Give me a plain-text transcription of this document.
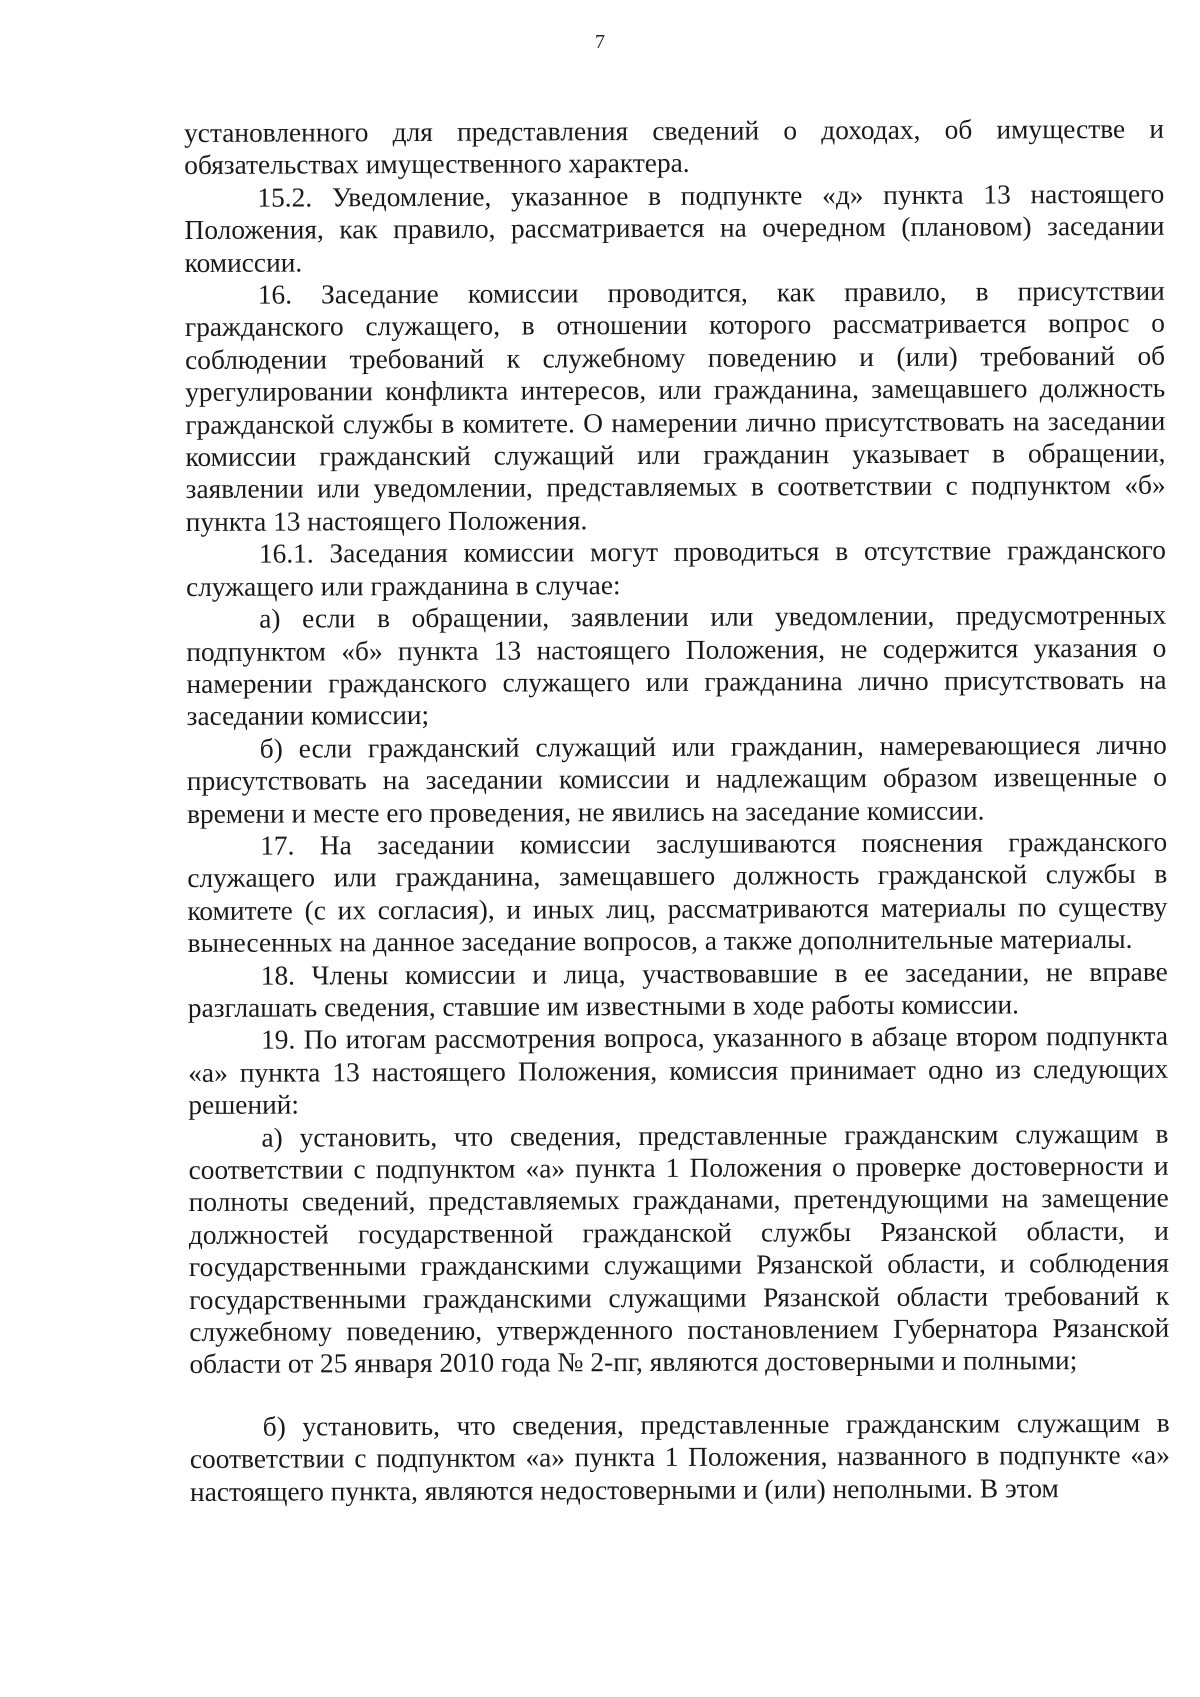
7

установленного для представления сведений о доходах, об имуществе и обязательствах имущественного характера.

15.2. Уведомление, указанное в подпункте «д» пункта 13 настоящего Положения, как правило, рассматривается на очередном (плановом) заседании комиссии.

16. Заседание комиссии проводится, как правило, в присутствии гражданского служащего, в отношении которого рассматривается вопрос о соблюдении требований к служебному поведению и (или) требований об урегулировании конфликта интересов, или гражданина, замещавшего должность гражданской службы в комитете. О намерении лично присутствовать на заседании комиссии гражданский служащий или гражданин указывает в обращении, заявлении или уведомлении, представляемых в соответствии с подпунктом «б» пункта 13 настоящего Положения.

16.1. Заседания комиссии могут проводиться в отсутствие гражданского служащего или гражданина в случае:

а) если в обращении, заявлении или уведомлении, предусмотренных подпунктом «б» пункта 13 настоящего Положения, не содержится указания о намерении гражданского служащего или гражданина лично присутствовать на заседании комиссии;

б) если гражданский служащий или гражданин, намеревающиеся лично присутствовать на заседании комиссии и надлежащим образом извещенные о времени и месте его проведения, не явились на заседание комиссии.

17. На заседании комиссии заслушиваются пояснения гражданского служащего или гражданина, замещавшего должность гражданской службы в комитете (с их согласия), и иных лиц, рассматриваются материалы по существу вынесенных на данное заседание вопросов, а также дополнительные материалы.

18. Члены комиссии и лица, участвовавшие в ее заседании, не вправе разглашать сведения, ставшие им известными в ходе работы комиссии.

19. По итогам рассмотрения вопроса, указанного в абзаце втором подпункта «а» пункта 13 настоящего Положения, комиссия принимает одно из следующих решений:

а) установить, что сведения, представленные гражданским служащим в соответствии с подпунктом «а» пункта 1 Положения о проверке достоверности и полноты сведений, представляемых гражданами, претендующими на замещение должностей государственной гражданской службы Рязанской области, и государственными гражданскими служащими Рязанской области, и соблюдения государственными гражданскими служащими Рязанской области требований к служебному поведению, утвержденного постановлением Губернатора Рязанской области от 25 января 2010 года № 2-пг, являются достоверными и полными;

б) установить, что сведения, представленные гражданским служащим в соответствии с подпунктом «а» пункта 1 Положения, названного в подпункте «а» настоящего пункта, являются недостоверными и (или) неполными. В этом
